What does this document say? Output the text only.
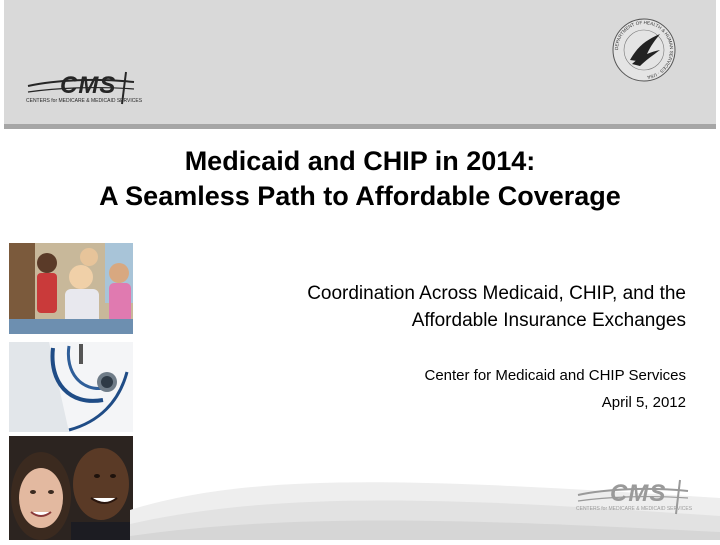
CMS
CENTERS for MEDICARE & MEDICAID SERVICES
DEPARTMENT OF HEALTH & HUMAN SERVICES · USA
Medicaid and CHIP in 2014:
A Seamless Path to Affordable Coverage
Coordination Across Medicaid, CHIP, and the
Affordable Insurance Exchanges
Center for Medicaid and CHIP Services
April 5, 2012
CMS
CENTERS for MEDICARE & MEDICAID SERVICES
